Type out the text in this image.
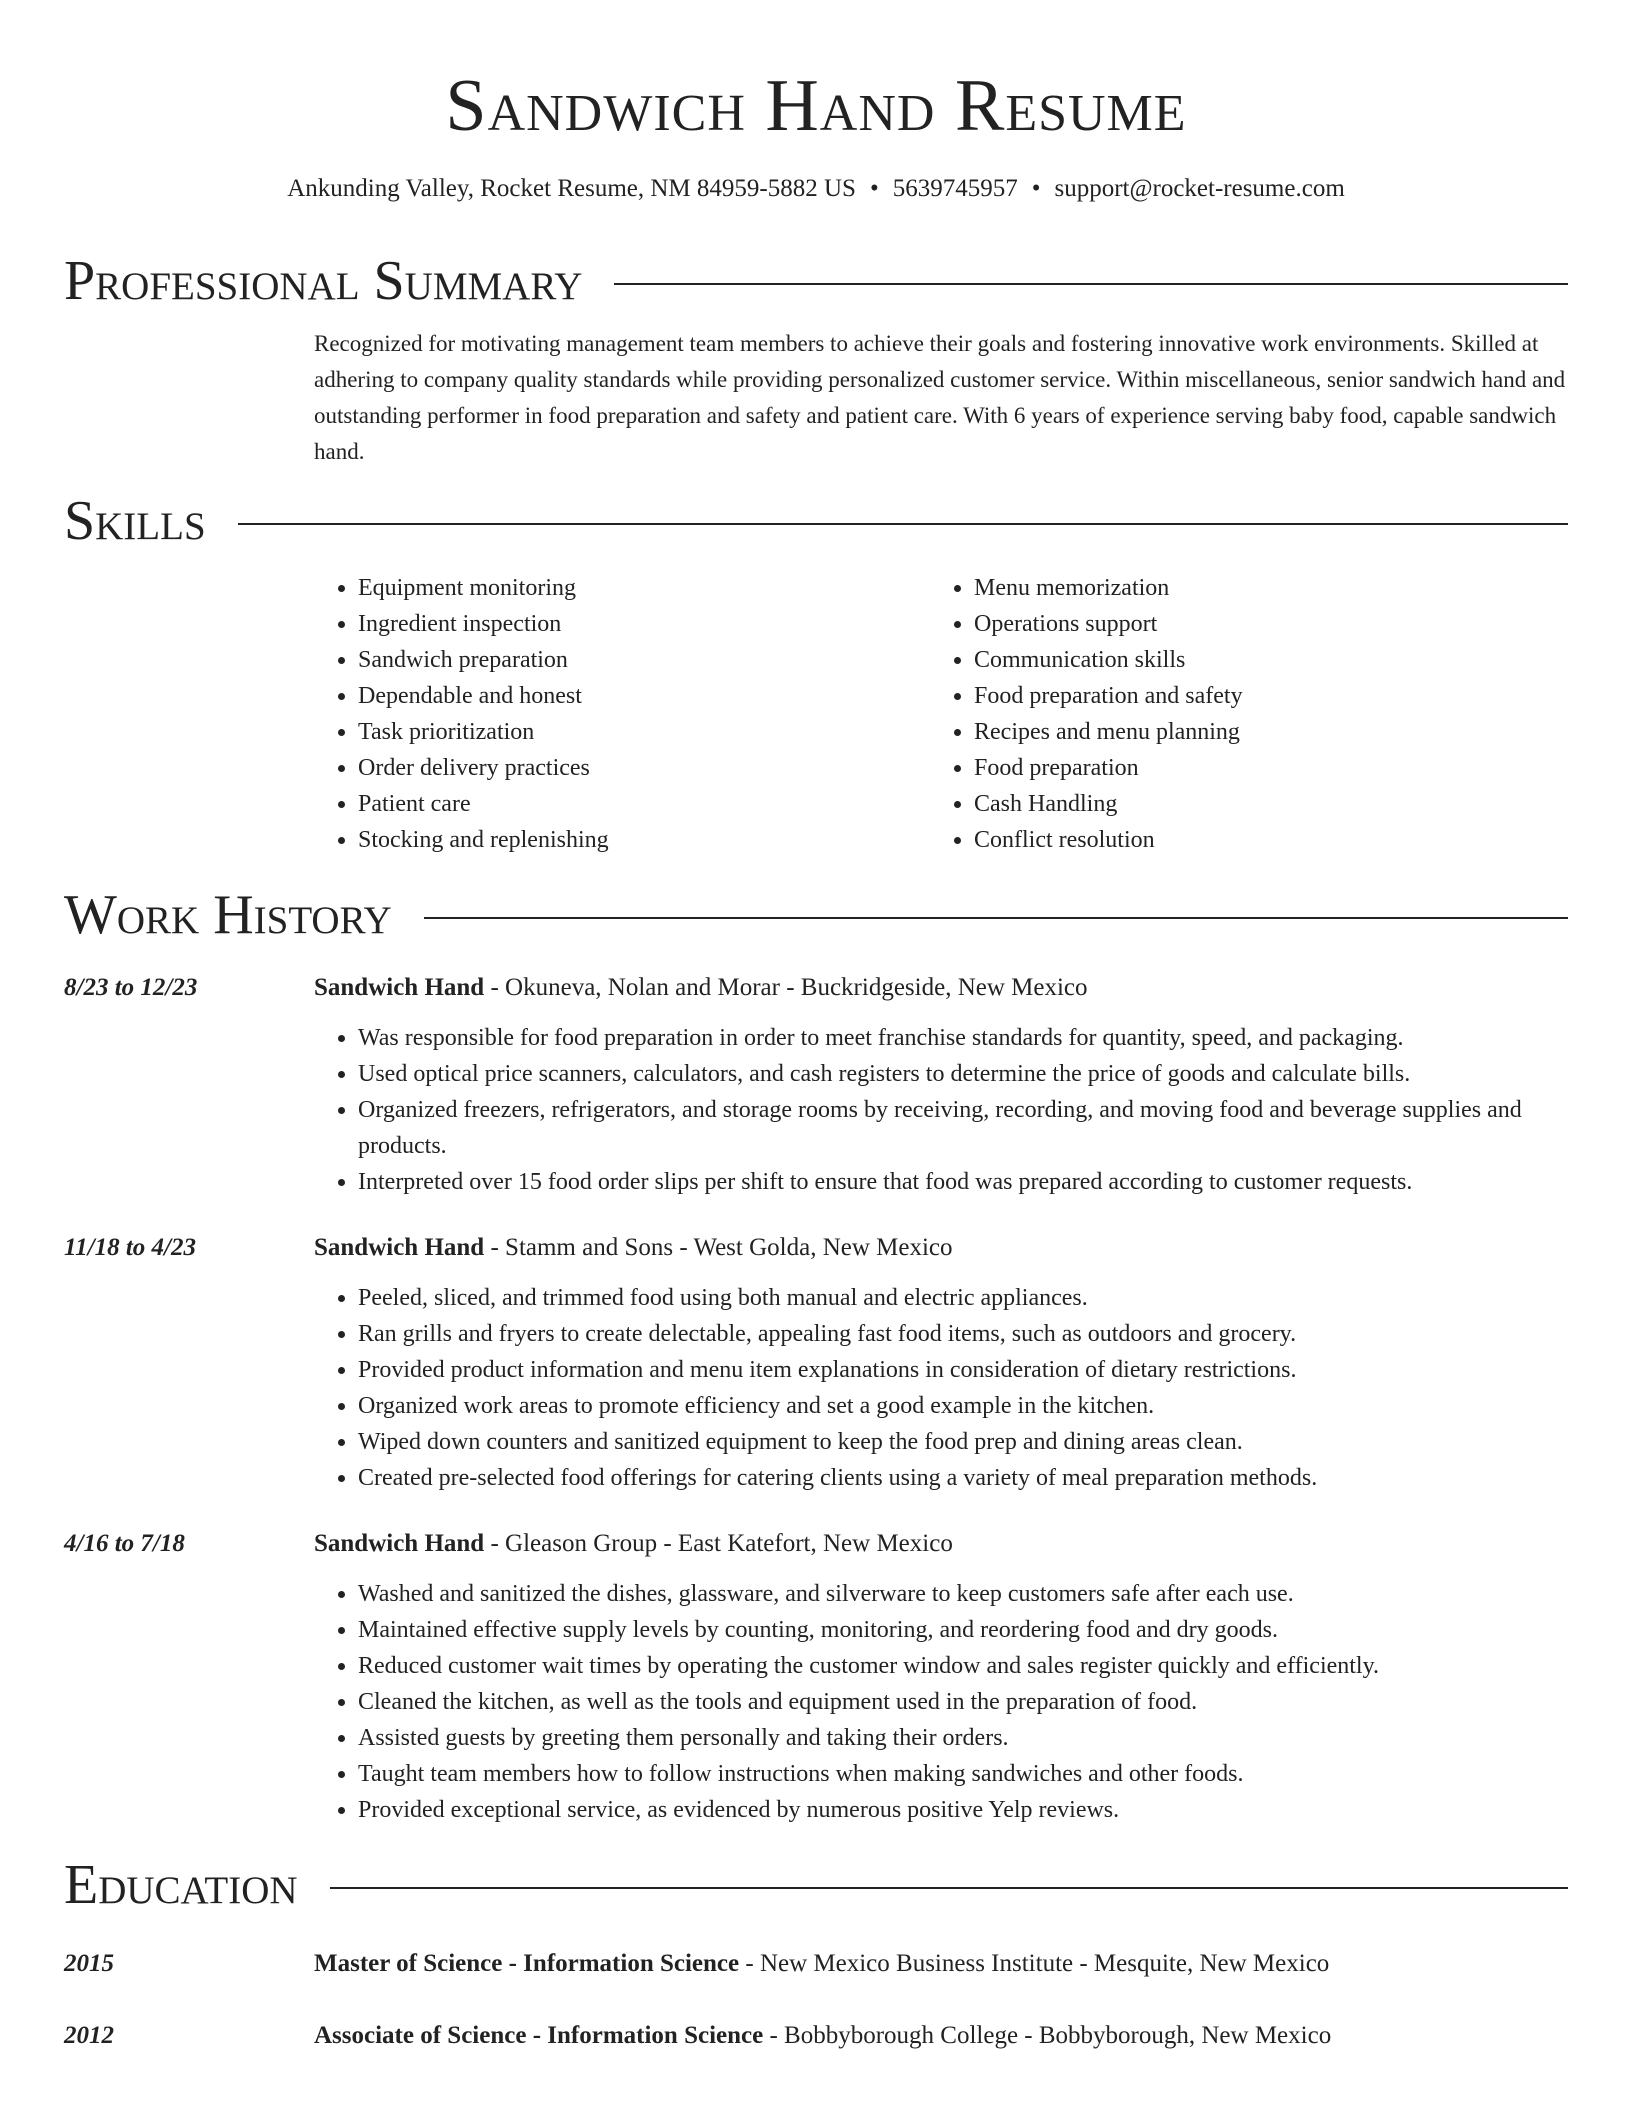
Sandwich Hand Resume
Ankunding Valley, Rocket Resume, NM 84959-5882 US • 5639745957 • support@rocket-resume.com
Professional Summary

Recognized for motivating management team members to achieve their goals and fostering innovative work environments. Skilled at adhering to company quality standards while providing personalized customer service. Within miscellaneous, senior sandwich hand and outstanding performer in food preparation and safety and patient care. With 6 years of experience serving baby food, capable sandwich hand.

Skills
• Equipment monitoring
• Ingredient inspection
• Sandwich preparation
• Dependable and honest
• Task prioritization
• Order delivery practices
• Patient care
• Stocking and replenishing
• Menu memorization
• Operations support
• Communication skills
• Food preparation and safety
• Recipes and menu planning
• Food preparation
• Cash Handling
• Conflict resolution
Work History
8/23 to 12/23	Sandwich Hand - Okuneva, Nolan and Morar - Buckridgeside, New Mexico
• Was responsible for food preparation in order to meet franchise standards for quantity, speed, and packaging.
• Used optical price scanners, calculators, and cash registers to determine the price of goods and calculate bills.
• Organized freezers, refrigerators, and storage rooms by receiving, recording, and moving food and beverage supplies and products.
• Interpreted over 15 food order slips per shift to ensure that food was prepared according to customer requests.
11/18 to 4/23	Sandwich Hand - Stamm and Sons - West Golda, New Mexico
• Peeled, sliced, and trimmed food using both manual and electric appliances.
• Ran grills and fryers to create delectable, appealing fast food items, such as outdoors and grocery.
• Provided product information and menu item explanations in consideration of dietary restrictions.
• Organized work areas to promote efficiency and set a good example in the kitchen.
• Wiped down counters and sanitized equipment to keep the food prep and dining areas clean.
• Created pre-selected food offerings for catering clients using a variety of meal preparation methods.
4/16 to 7/18	Sandwich Hand - Gleason Group - East Katefort, New Mexico
• Washed and sanitized the dishes, glassware, and silverware to keep customers safe after each use.
• Maintained effective supply levels by counting, monitoring, and reordering food and dry goods.
• Reduced customer wait times by operating the customer window and sales register quickly and efficiently.
• Cleaned the kitchen, as well as the tools and equipment used in the preparation of food.
• Assisted guests by greeting them personally and taking their orders.
• Taught team members how to follow instructions when making sandwiches and other foods.
• Provided exceptional service, as evidenced by numerous positive Yelp reviews.
Education
2015	Master of Science - Information Science - New Mexico Business Institute - Mesquite, New Mexico
2012	Associate of Science - Information Science - Bobbyborough College - Bobbyborough, New Mexico
